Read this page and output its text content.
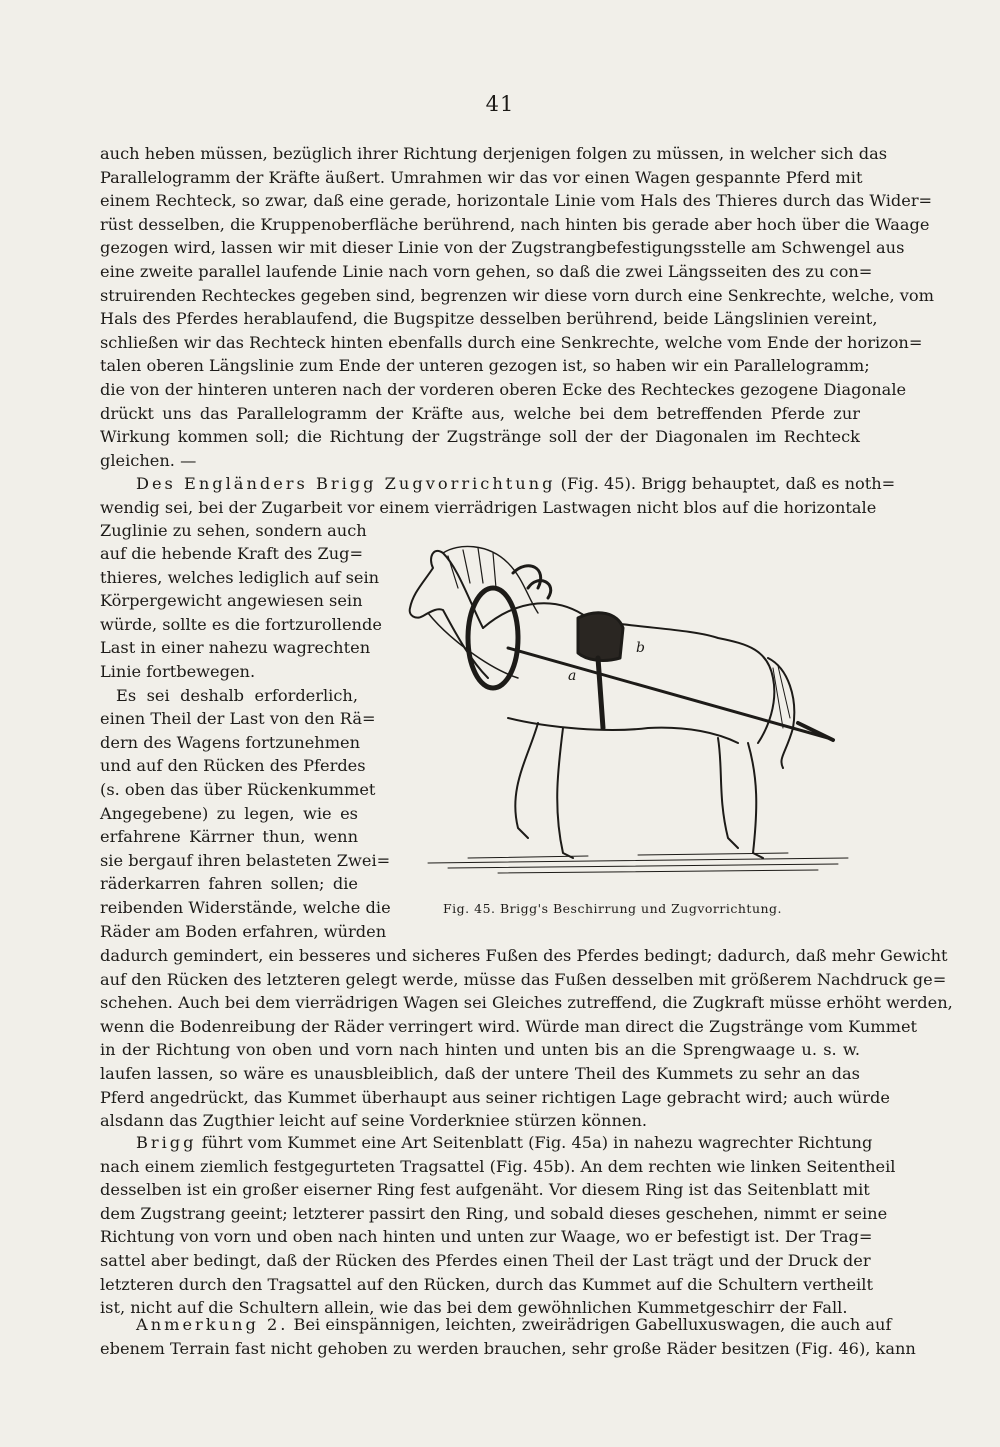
41
auch heben müssen, bezüglich ihrer Richtung derjenigen folgen zu müssen, in welcher sich das
Parallelogramm der Kräfte äußert. Umrahmen wir das vor einen Wagen gespannte Pferd mit
einem Rechteck, so zwar, daß eine gerade, horizontale Linie vom Hals des Thieres durch das Wider=
rüst desselben, die Kruppenoberfläche berührend, nach hinten bis gerade aber hoch über die Waage
gezogen wird, lassen wir mit dieser Linie von der Zugstrangbefestigungsstelle am Schwengel aus
eine zweite parallel laufende Linie nach vorn gehen, so daß die zwei Längsseiten des zu con=
struirenden Rechteckes gegeben sind, begrenzen wir diese vorn durch eine Senkrechte, welche, vom
Hals des Pferdes herablaufend, die Bugspitze desselben berührend, beide Längslinien vereint,
schließen wir das Rechteck hinten ebenfalls durch eine Senkrechte, welche vom Ende der horizon=
talen oberen Längslinie zum Ende der unteren gezogen ist, so haben wir ein Parallelogramm;
die von der hinteren unteren nach der vorderen oberen Ecke des Rechteckes gezogene Diagonale
drückt uns das Parallelogramm der Kräfte aus, welche bei dem betreffenden Pferde zur
Wirkung kommen soll; die Richtung der Zugstränge soll der der Diagonalen im Rechteck
gleichen. —
Des Engländers Brigg Zugvorrichtung (Fig. 45). Brigg behauptet, daß es noth=
wendig sei, bei der Zugarbeit vor einem vierrädrigen Lastwagen nicht blos auf die horizontale
Zuglinie zu sehen, sondern auch
auf die hebende Kraft des Zug=
thieres, welches lediglich auf sein
Körpergewicht angewiesen sein
würde, sollte es die fortzurollende
Last in einer nahezu wagrechten
Linie fortbewegen.
Es sei deshalb erforderlich,
einen Theil der Last von den Rä=
dern des Wagens fortzunehmen
und auf den Rücken des Pferdes
(s. oben das über Rückenkummet
Angegebene) zu legen, wie es
erfahrene Kärrner thun, wenn
sie bergauf ihren belasteten Zwei=
räderkarren fahren sollen; die
reibenden Widerstände, welche die
Räder am Boden erfahren, würden
a
b
Fig. 45. Brigg's Beschirrung und Zugvorrichtung.
dadurch gemindert, ein besseres und sicheres Fußen des Pferdes bedingt; dadurch, daß mehr Gewicht
auf den Rücken des letzteren gelegt werde, müsse das Fußen desselben mit größerem Nachdruck ge=
schehen. Auch bei dem vierrädrigen Wagen sei Gleiches zutreffend, die Zugkraft müsse erhöht werden,
wenn die Bodenreibung der Räder verringert wird. Würde man direct die Zugstränge vom Kummet
in der Richtung von oben und vorn nach hinten und unten bis an die Sprengwaage u. s. w.
laufen lassen, so wäre es unausbleiblich, daß der untere Theil des Kummets zu sehr an das
Pferd angedrückt, das Kummet überhaupt aus seiner richtigen Lage gebracht wird; auch würde
alsdann das Zugthier leicht auf seine Vorderkniee stürzen können.
Brigg führt vom Kummet eine Art Seitenblatt (Fig. 45a) in nahezu wagrechter Richtung
nach einem ziemlich festgegurteten Tragsattel (Fig. 45b). An dem rechten wie linken Seitentheil
desselben ist ein großer eiserner Ring fest aufgenäht. Vor diesem Ring ist das Seitenblatt mit
dem Zugstrang geeint; letzterer passirt den Ring, und sobald dieses geschehen, nimmt er seine
Richtung von vorn und oben nach hinten und unten zur Waage, wo er befestigt ist. Der Trag=
sattel aber bedingt, daß der Rücken des Pferdes einen Theil der Last trägt und der Druck der
letzteren durch den Tragsattel auf den Rücken, durch das Kummet auf die Schultern vertheilt
ist, nicht auf die Schultern allein, wie das bei dem gewöhnlichen Kummetgeschirr der Fall.
Anmerkung 2. Bei einspännigen, leichten, zweirädrigen Gabelluxuswagen, die auch auf
ebenem Terrain fast nicht gehoben zu werden brauchen, sehr große Räder besitzen (Fig. 46), kann
